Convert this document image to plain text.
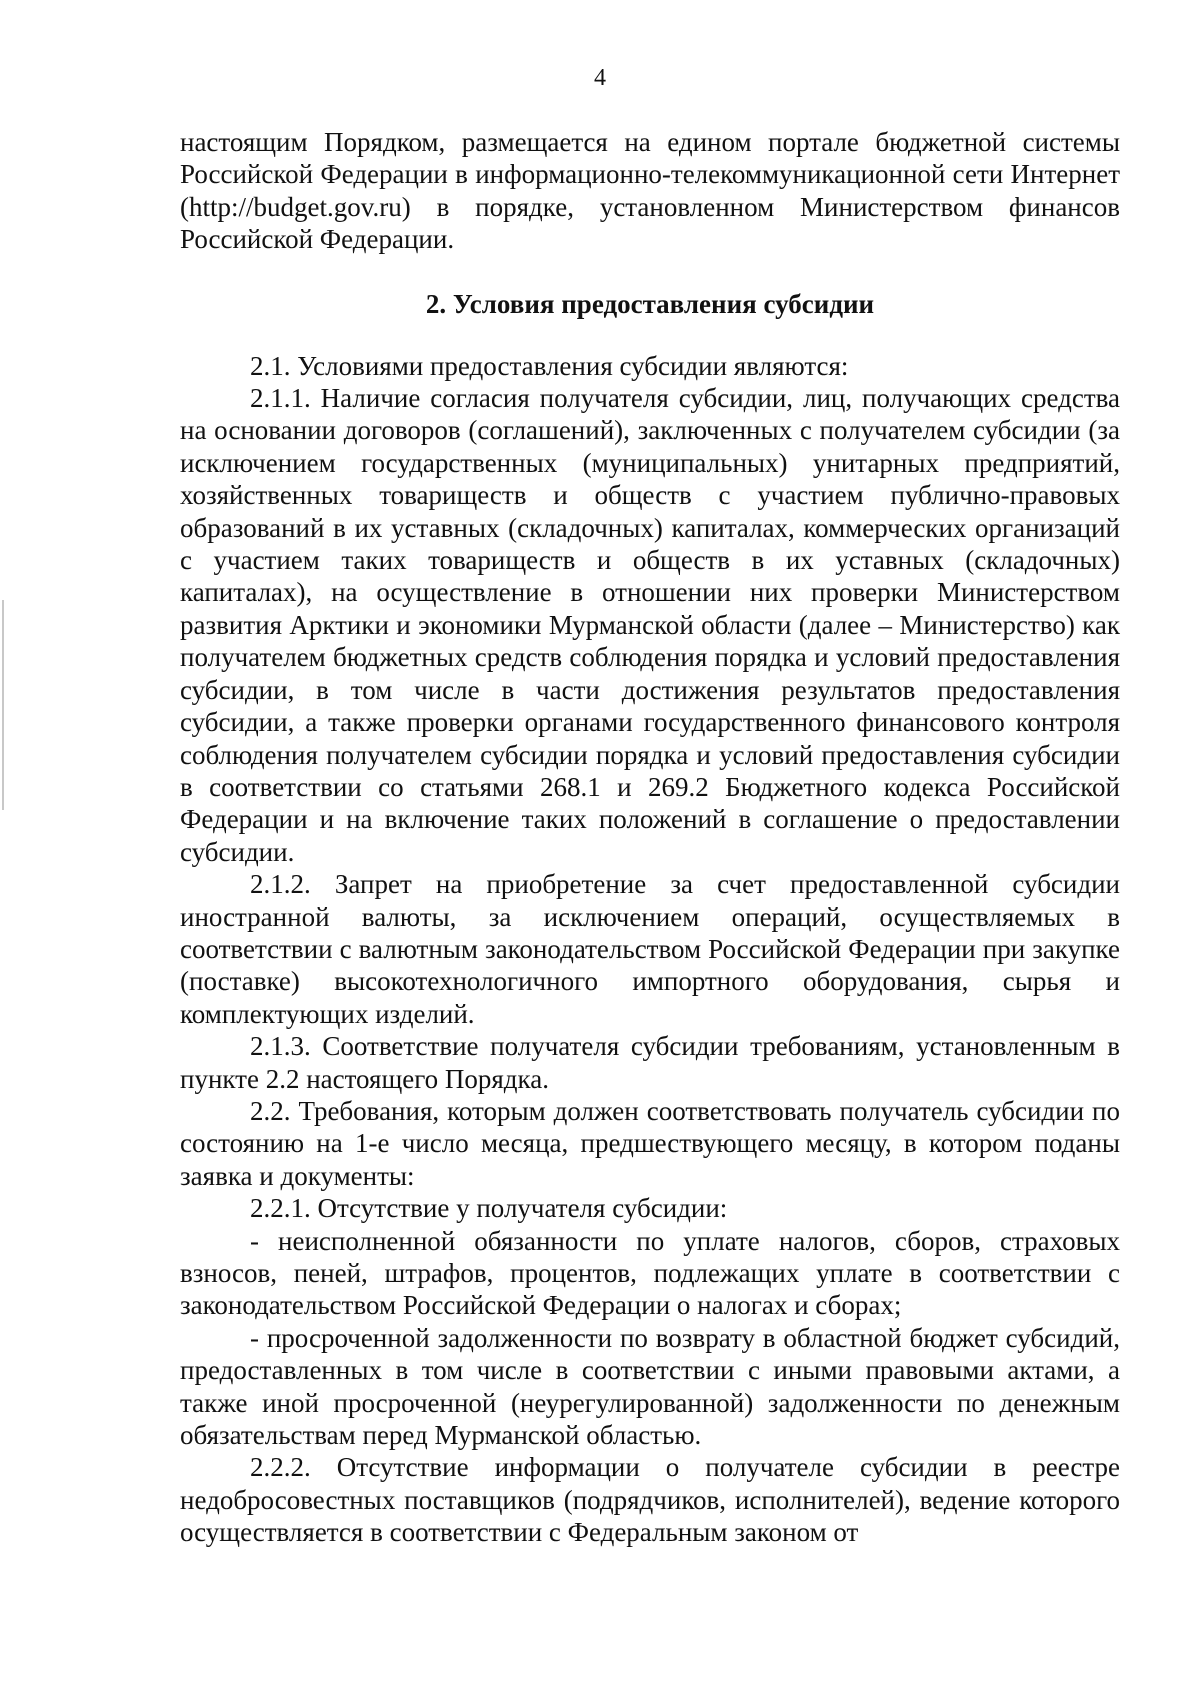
4

настоящим Порядком, размещается на едином портале бюджетной системы Российской Федерации в информационно-телекоммуникационной сети Интернет (http://budget.gov.ru) в порядке, установленном Министерством финансов Российской Федерации.

2. Условия предоставления субсидии

2.1. Условиями предоставления субсидии являются:

2.1.1. Наличие согласия получателя субсидии, лиц, получающих средства на основании договоров (соглашений), заключенных с получателем субсидии (за исключением государственных (муниципальных) унитарных предприятий, хозяйственных товариществ и обществ с участием публично-правовых образований в их уставных (складочных) капиталах, коммерческих организаций с участием таких товариществ и обществ в их уставных (складочных) капиталах), на осуществление в отношении них проверки Министерством развития Арктики и экономики Мурманской области (далее – Министерство) как получателем бюджетных средств соблюдения порядка и условий предоставления субсидии, в том числе в части достижения результатов предоставления субсидии, а также проверки органами государственного финансового контроля соблюдения получателем субсидии порядка и условий предоставления субсидии в соответствии со статьями 268.1 и 269.2 Бюджетного кодекса Российской Федерации и на включение таких положений в соглашение о предоставлении субсидии.

2.1.2. Запрет на приобретение за счет предоставленной субсидии иностранной валюты, за исключением операций, осуществляемых в соответствии с валютным законодательством Российской Федерации при закупке (поставке) высокотехнологичного импортного оборудования, сырья и комплектующих изделий.

2.1.3. Соответствие получателя субсидии требованиям, установленным в пункте 2.2 настоящего Порядка.

2.2. Требования, которым должен соответствовать получатель субсидии по состоянию на 1-е число месяца, предшествующего месяцу, в котором поданы заявка и документы:

2.2.1. Отсутствие у получателя субсидии:

- неисполненной обязанности по уплате налогов, сборов, страховых взносов, пеней, штрафов, процентов, подлежащих уплате в соответствии с законодательством Российской Федерации о налогах и сборах;

- просроченной задолженности по возврату в областной бюджет субсидий, предоставленных в том числе в соответствии с иными правовыми актами, а также иной просроченной (неурегулированной) задолженности по денежным обязательствам перед Мурманской областью.

2.2.2. Отсутствие информации о получателе субсидии в реестре недобросовестных поставщиков (подрядчиков, исполнителей), ведение которого осуществляется в соответствии с Федеральным законом от
